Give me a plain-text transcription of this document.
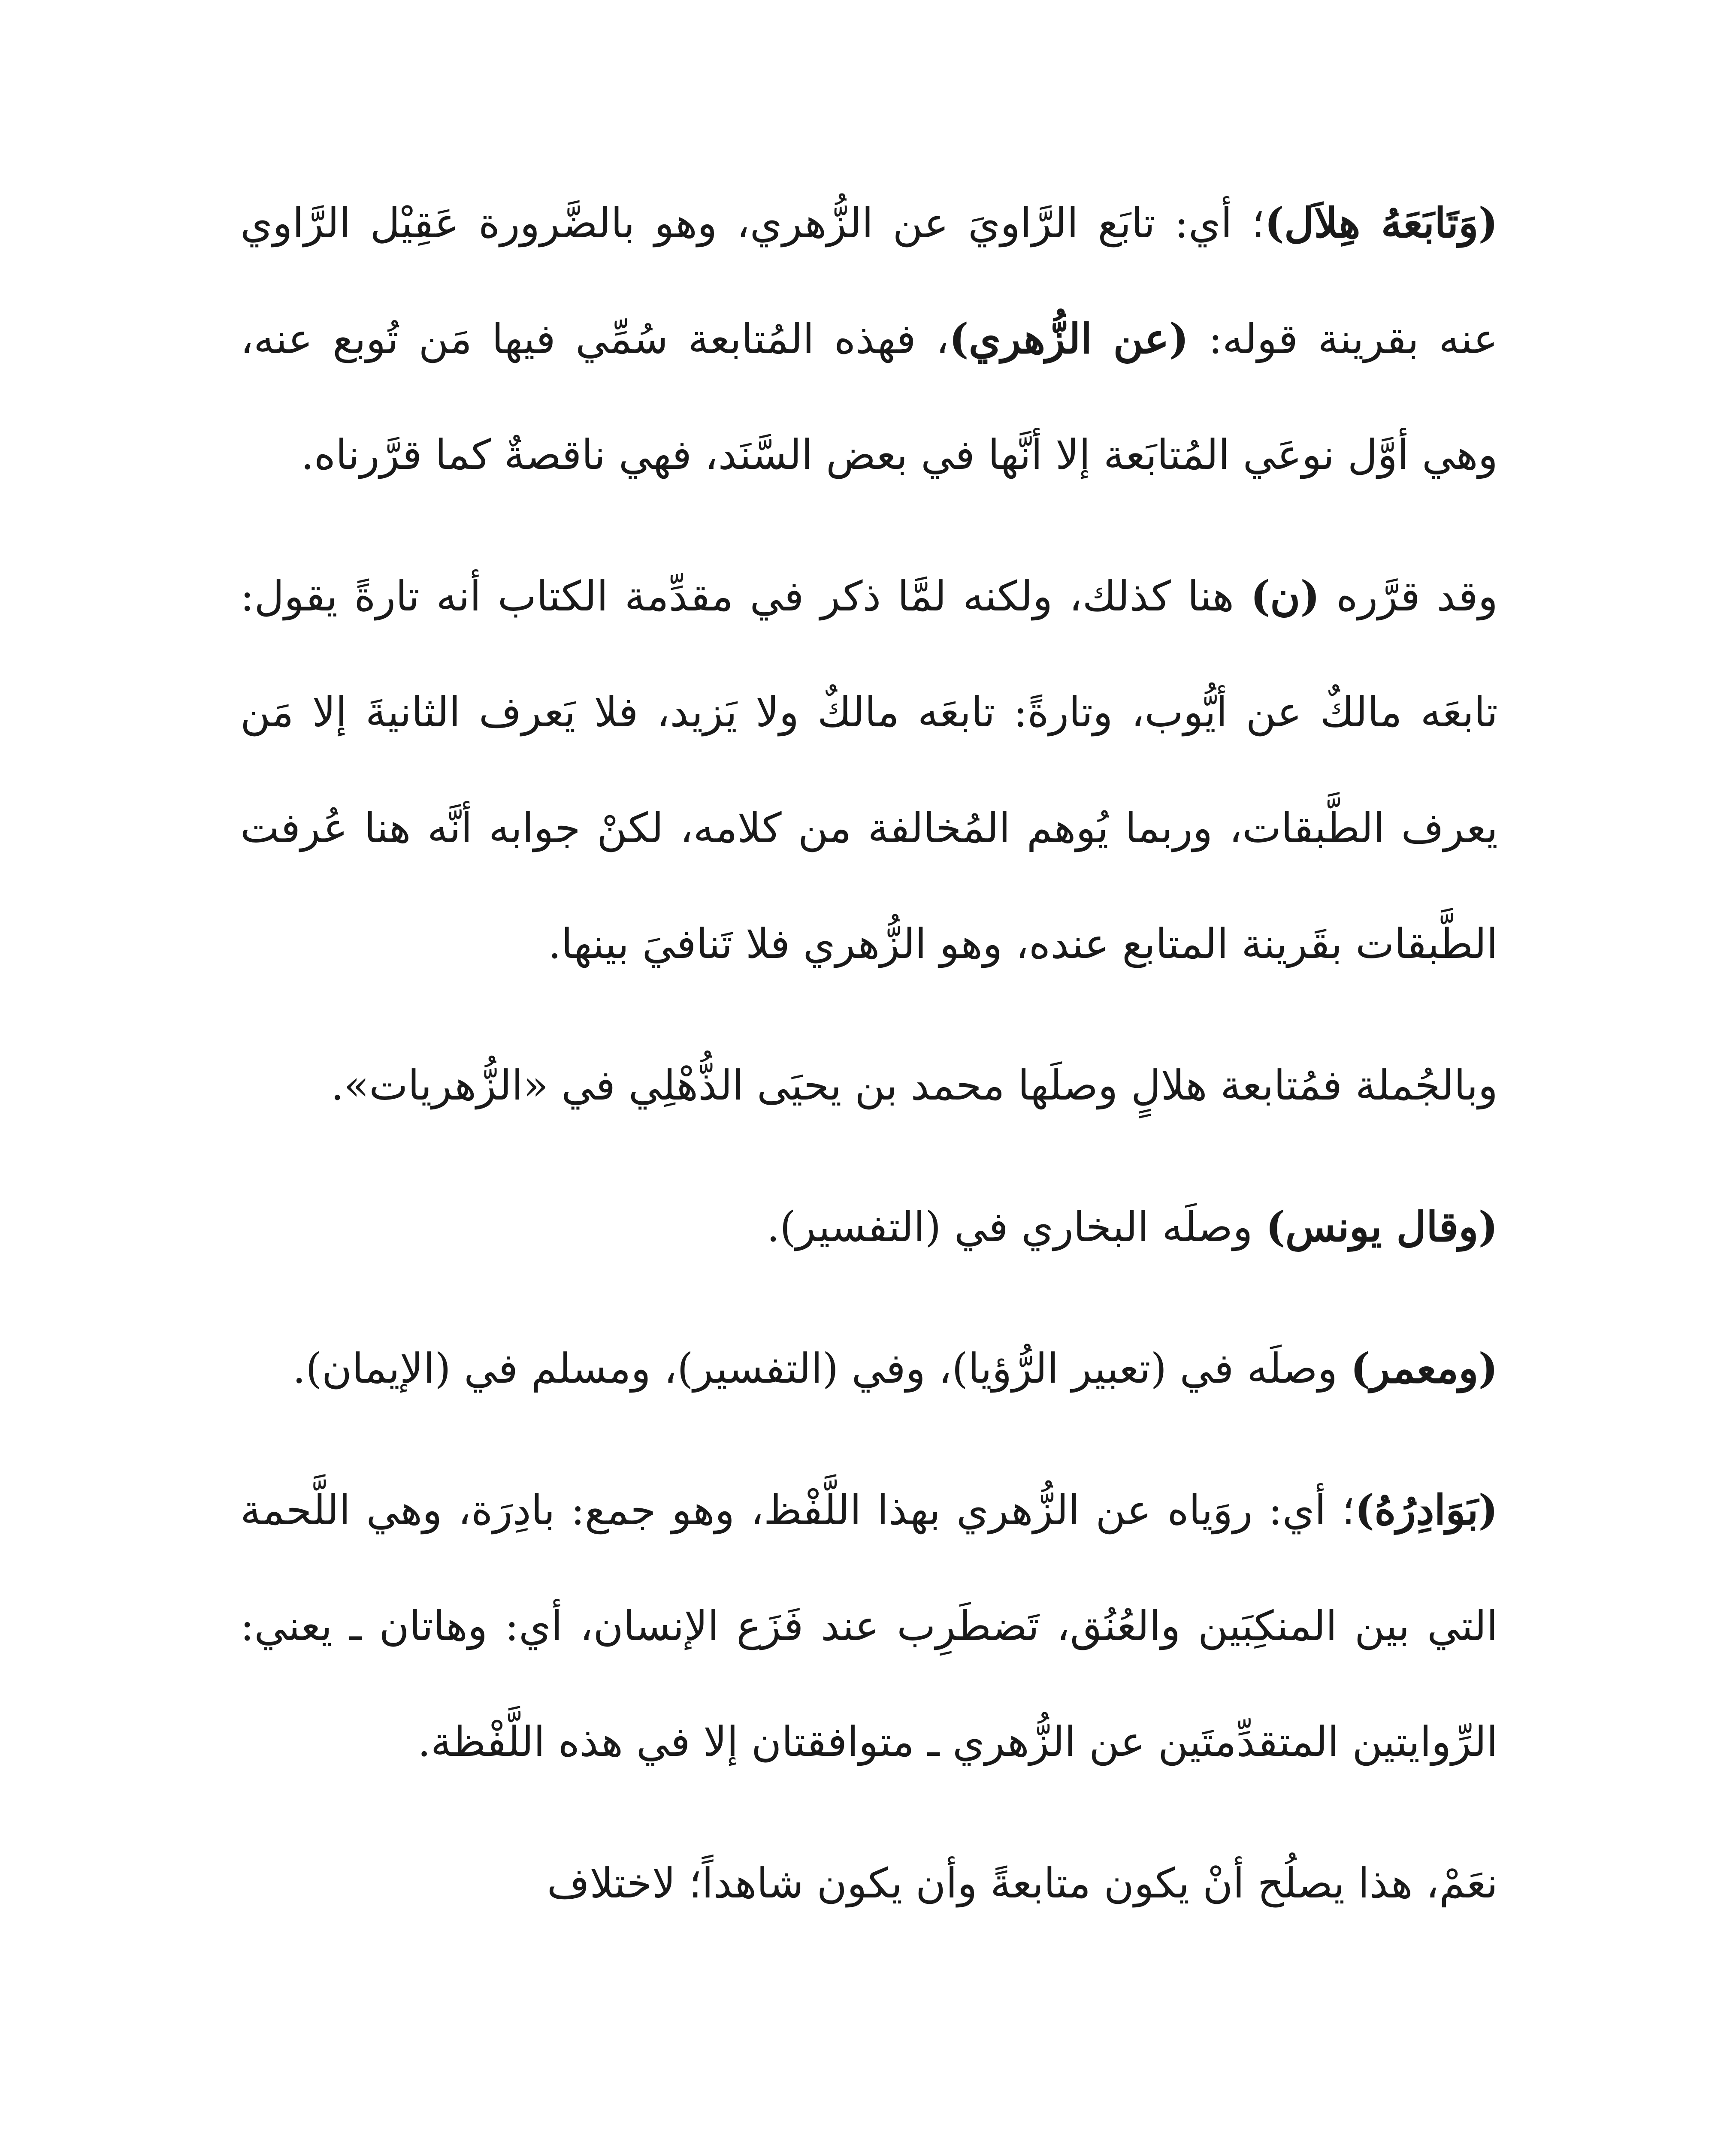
(وَتَابَعَهُ هِلاَل)؛ أي: تابَع الرَّاويَ عن الزُّهري، وهو بالضَّرورة عَقِيْل الرَّاوي عنه بقرينة قوله: (عن الزُّهري)، فهذه المُتابعة سُمِّي فيها مَن تُوبع عنه، وهي أوَّل نوعَي المُتابَعة إلا أنَّها في بعض السَّنَد، فهي ناقصةٌ كما قرَّرناه.
وقد قرَّره (ن) هنا كذلك، ولكنه لمَّا ذكر في مقدِّمة الكتاب أنه تارةً يقول: تابعَه مالكٌ عن أيُّوب، وتارةً: تابعَه مالكٌ ولا يَزيد، فلا يَعرف الثانيةَ إلا مَن يعرف الطَّبقات، وربما يُوهم المُخالفة من كلامه، لكنْ جوابه أنَّه هنا عُرفت الطَّبقات بقَرينة المتابع عنده، وهو الزُّهري فلا تَنافيَ بينها.
وبالجُملة فمُتابعة هلالٍ وصلَها محمد بن يحيَى الذُّهْلِي في «الزُّهريات».
(وقال يونس) وصلَه البخاري في (التفسير).
(ومعمر) وصلَه في (تعبير الرُّؤيا)، وفي (التفسير)، ومسلم في (الإيمان).
(بَوَادِرُهُ)؛ أي: روَياه عن الزُّهري بهذا اللَّفْظ، وهو جمع: بادِرَة، وهي اللَّحمة التي بين المنكِبَين والعُنُق، تَضطَرِب عند فَزَع الإنسان، أي: وهاتان ـ يعني: الرِّوايتين المتقدِّمتَين عن الزُّهري ـ متوافقتان إلا في هذه اللَّفْظة.
نعَمْ، هذا يصلُح أنْ يكون متابعةً وأن يكون شاهداً؛ لاختلاف
